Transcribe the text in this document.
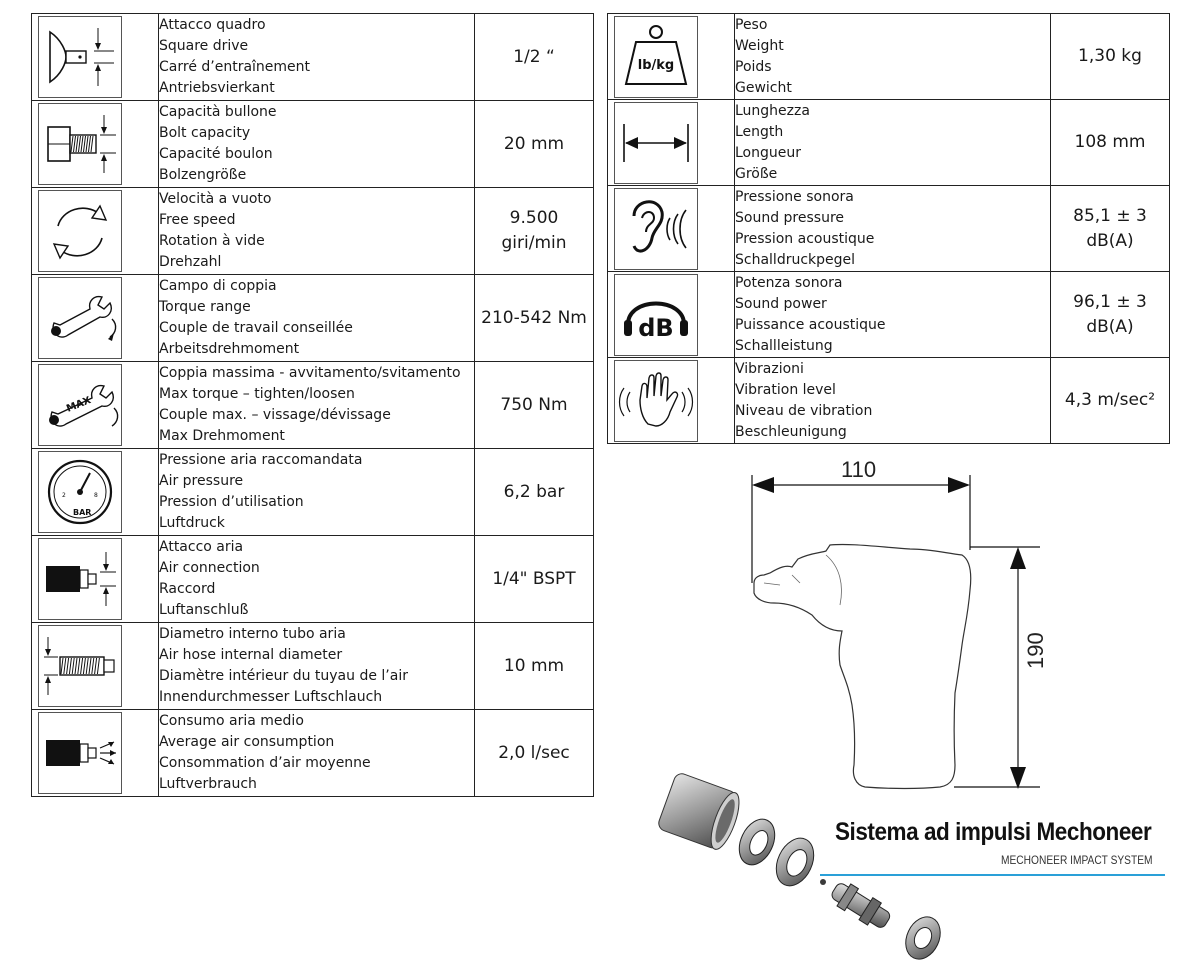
Attacco quadro
Square drive
Carré d’entraînement
Antriebsvierkant	1/2 “

Capacità bullone
Bolt capacity
Capacité boulon
Bolzengröße	20 mm

Velocità a vuoto
Free speed
Rotation à vide
Drehzahl	9.500 giri/min

Campo di coppia
Torque range
Couple de travail conseillée
Arbeitsdrehmoment	210-542 Nm

MAX	Coppia massima - avvitamento/svitamento
Max torque – tighten/loosen
Couple max. – vissage/dévissage
Max Drehmoment	750 Nm

BAR
2 8	Pressione aria raccomandata
Air pressure
Pression d’utilisation
Luftdruck	6,2 bar

Attacco aria
Air connection
Raccord
Luftanschluß	1/4" BSPT

Diametro interno tubo aria
Air hose internal diameter
Diamètre intérieur du tuyau de l’air
Innendurchmesser Luftschlauch	10 mm

Consumo aria medio
Average air consumption
Consommation d’air moyenne
Luftverbrauch	2,0 l/sec
lb/kg	Peso
Weight
Poids
Gewicht	1,30 kg

Lunghezza
Length
Longueur
Größe	108 mm

Pressione sonora
Sound pressure
Pression acoustique
Schalldruckpegel	85,1 ± 3 dB(A)

dB	Potenza sonora
Sound power
Puissance acoustique
Schallleistung	96,1 ± 3 dB(A)

Vibrazioni
Vibration level
Niveau de vibration
Beschleunigung	4,3 m/sec²
110
190
Sistema ad impulsi Mechoneer
MECHONEER IMPACT SYSTEM
